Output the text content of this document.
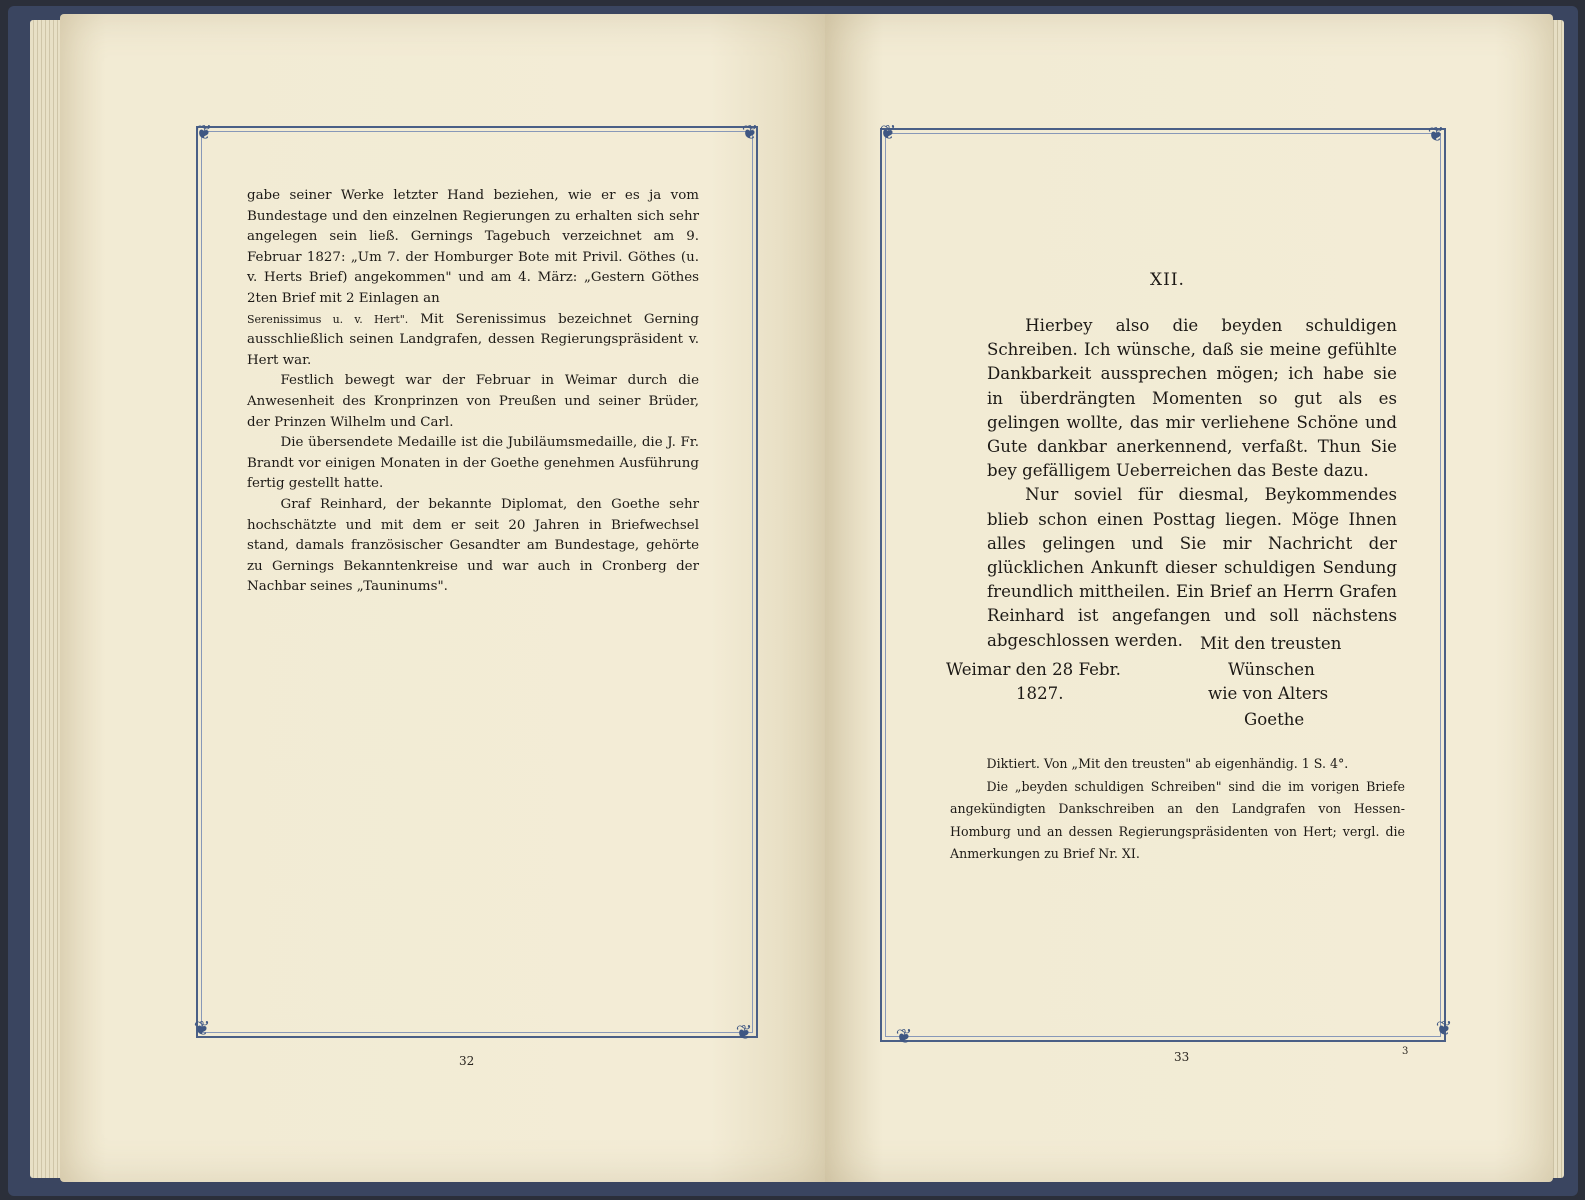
❦	❦
❦	❦
❦	❦
❦	❦

gabe seiner Werke letzter Hand beziehen, wie er es ja vom Bundestage und den einzelnen Regierungen zu erhalten sich sehr angelegen sein ließ. Gernings Tagebuch verzeichnet am 9. Februar 1827: „Um 7. der Homburger Bote mit Privil. Göthes (u. v. Herts Brief) angekommen" und am 4. März: „Gestern Göthes 2ten Brief mit 2 Einlagen an

Serenissimus u. v. Hert". Mit Serenissimus bezeichnet Gerning ausschließlich seinen Landgrafen, dessen Regierungspräsident v. Hert war.

Festlich bewegt war der Februar in Weimar durch die Anwesenheit des Kronprinzen von Preußen und seiner Brüder, der Prinzen Wilhelm und Carl.

Die übersendete Medaille ist die Jubiläumsmedaille, die J. Fr. Brandt vor einigen Monaten in der Goethe genehmen Ausführung fertig gestellt hatte.

Graf Reinhard, der bekannte Diplomat, den Goethe sehr hochschätzte und mit dem er seit 20 Jahren in Briefwechsel stand, damals französischer Gesandter am Bundestage, gehörte zu Gernings Bekanntenkreise und war auch in Cronberg der Nachbar seines „Tauninums".

32
XII.

Hierbey also die beyden schuldigen Schreiben. Ich wünsche, daß sie meine gefühlte Dankbarkeit aussprechen mögen; ich habe sie in überdrängten Momenten so gut als es gelingen wollte, das mir verliehene Schöne und Gute dankbar anerkennend, verfaßt. Thun Sie bey gefälligem Ueberreichen das Beste dazu.

Nur soviel für diesmal, Beykommendes blieb schon einen Posttag liegen. Möge Ihnen alles gelingen und Sie mir Nachricht der glücklichen Ankunft dieser schuldigen Sendung freundlich mittheilen. Ein Brief an Herrn Grafen Reinhard ist angefangen und soll nächstens abgeschlossen werden.	Mit den treusten
Weimar den 28 Febr.	Wünschen
1827.	wie von Alters
Goethe

Diktiert. Von „Mit den treusten" ab eigenhändig. 1 S. 4°.

Die „beyden schuldigen Schreiben" sind die im vorigen Briefe angekündigten Dankschreiben an den Landgrafen von Hessen-Homburg und an dessen Regierungspräsidenten von Hert; vergl. die Anmerkungen zu Brief Nr. XI.

33	3
